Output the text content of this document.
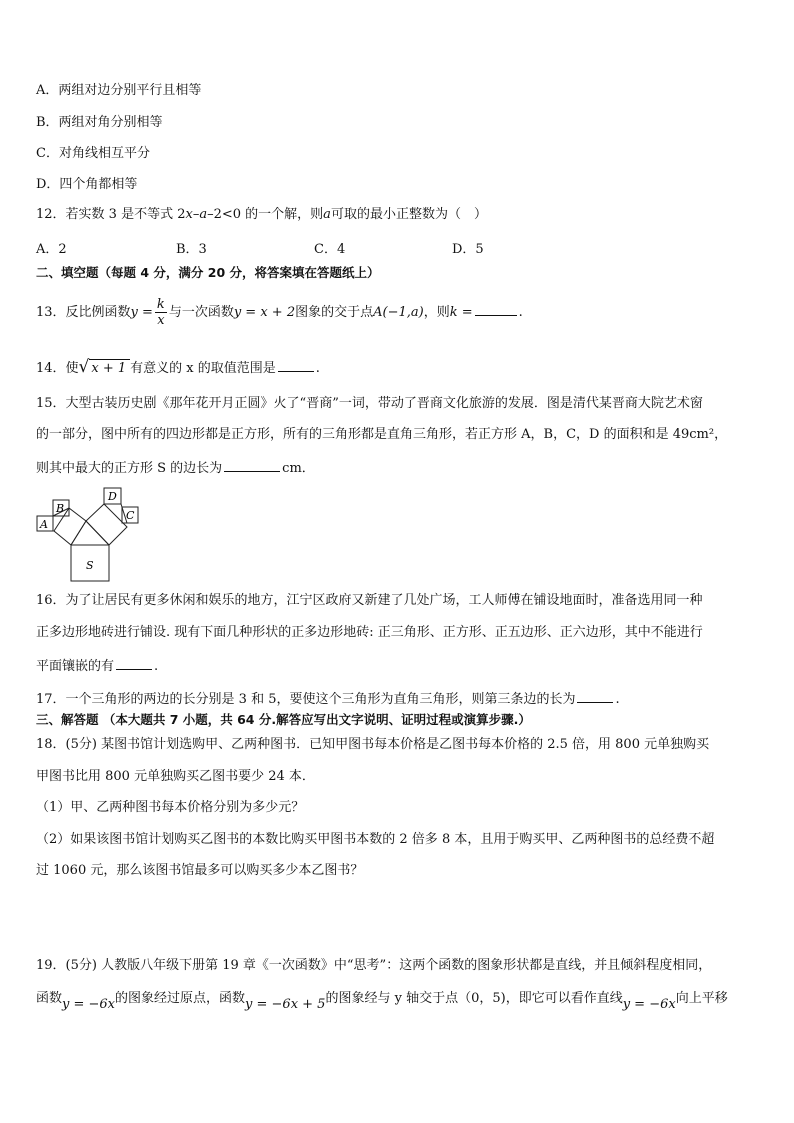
A．两组对边分别平行且相等
B．两组对角分别相等
C．对角线相互平分
D．四个角都相等
12．若实数 3 是不等式 2x–a–2<0 的一个解，则a可取的最小正整数为（　）
A．2	B．3	C．4	D．5
二、填空题（每题 4 分，满分 20 分，将答案填在答题纸上）
13．反比例函数$y = \frac{k}{x}$ 与一次函数y = x + 2图象的交于点A(−1,a)，则k =	.
14．使√ x + 1 有意义的 x 的取值范围是	.
15．大型古装历史剧《那年花开月正圆》火了“晋商”一词，带动了晋商文化旅游的发展．图是清代某晋商大院艺术窗
的一部分，图中所有的四边形都是正方形，所有的三角形都是直角三角形，若正方形 A，B，C，D 的面积和是 49cm²，
则其中最大的正方形 S 的边长为	cm．
A
B
D
C
S
16．为了让居民有更多休闲和娱乐的地方，江宁区政府又新建了几处广场，工人师傅在铺设地面时，准备选用同一种
正多边形地砖进行铺设. 现有下面几种形状的正多边形地砖: 正三角形、正方形、正五边形、正六边形，其中不能进行
平面镶嵌的有	.
17．一个三角形的两边的长分别是 3 和 5，要使这个三角形为直角三角形，则第三条边的长为	.
三、解答题 （本大题共 7 小题，共 64 分.解答应写出文字说明、证明过程或演算步骤.）
18．(5分) 某图书馆计划选购甲、乙两种图书．已知甲图书每本价格是乙图书每本价格的 2.5 倍，用 800 元单独购买
甲图书比用 800 元单独购买乙图书要少 24 本．
（1）甲、乙两种图书每本价格分别为多少元？
（2）如果该图书馆计划购买乙图书的本数比购买甲图书本数的 2 倍多 8 本，且用于购买甲、乙两种图书的总经费不超
过 1060 元，那么该图书馆最多可以购买多少本乙图书？
19．(5分) 人教版八年级下册第 19 章《一次函数》中“思考”：这两个函数的图象形状都是直线，并且倾斜程度相同，
函数y = −6x的图象经过原点，函数y = −6x + 5的图象经与 y 轴交于点（0，5)，即它可以看作直线y = −6x向上平移
